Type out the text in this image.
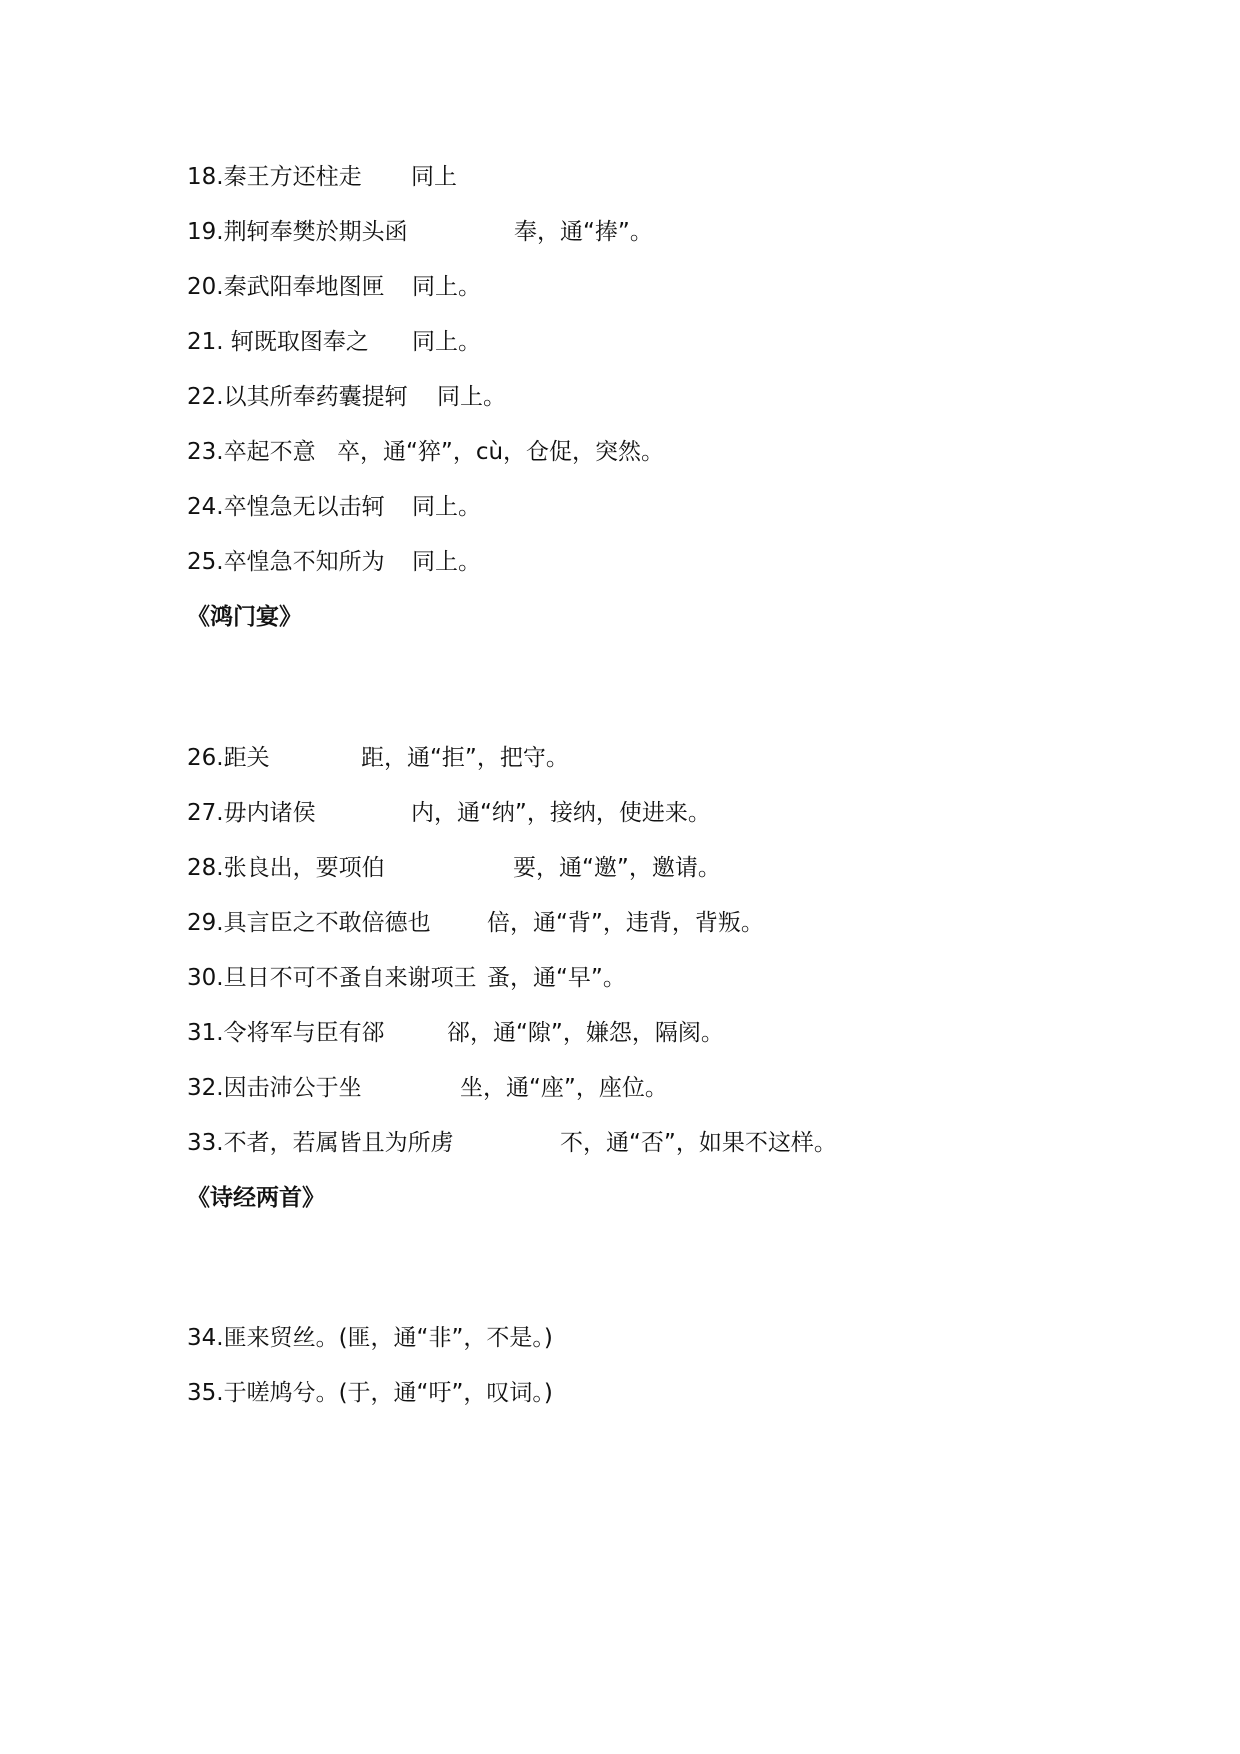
18.秦王方还柱走 同上
19.荆轲奉樊於期头函	奉，通“捧”。
20.秦武阳奉地图匣 同上。
21. 轲既取图奉之 同上。
22.以其所奉药囊提轲 同上。
23.卒起不意 卒，通“猝”，cù，仓促，突然。
24.卒惶急无以击轲 同上。
25.卒惶急不知所为 同上。
《鸿门宴》
26.距关	距，通“拒”，把守。
27.毋内诸侯	内，通“纳”，接纳，使进来。
28.张良出，要项伯	要，通“邀”，邀请。
29.具言臣之不敢倍德也 倍，通“背”，违背，背叛。
30.旦日不可不蚤自来谢项王 蚤，通“早”。
31.令将军与臣有郤	郤，通“隙”，嫌怨，隔阂。
32.因击沛公于坐	坐，通“座”，座位。
33.不者，若属皆且为所虏	不，通“否”，如果不这样。
《诗经两首》
34.匪来贸丝。(匪，通“非”，不是。)
35.于嗟鸠兮。(于，通“吁”，叹词。)
